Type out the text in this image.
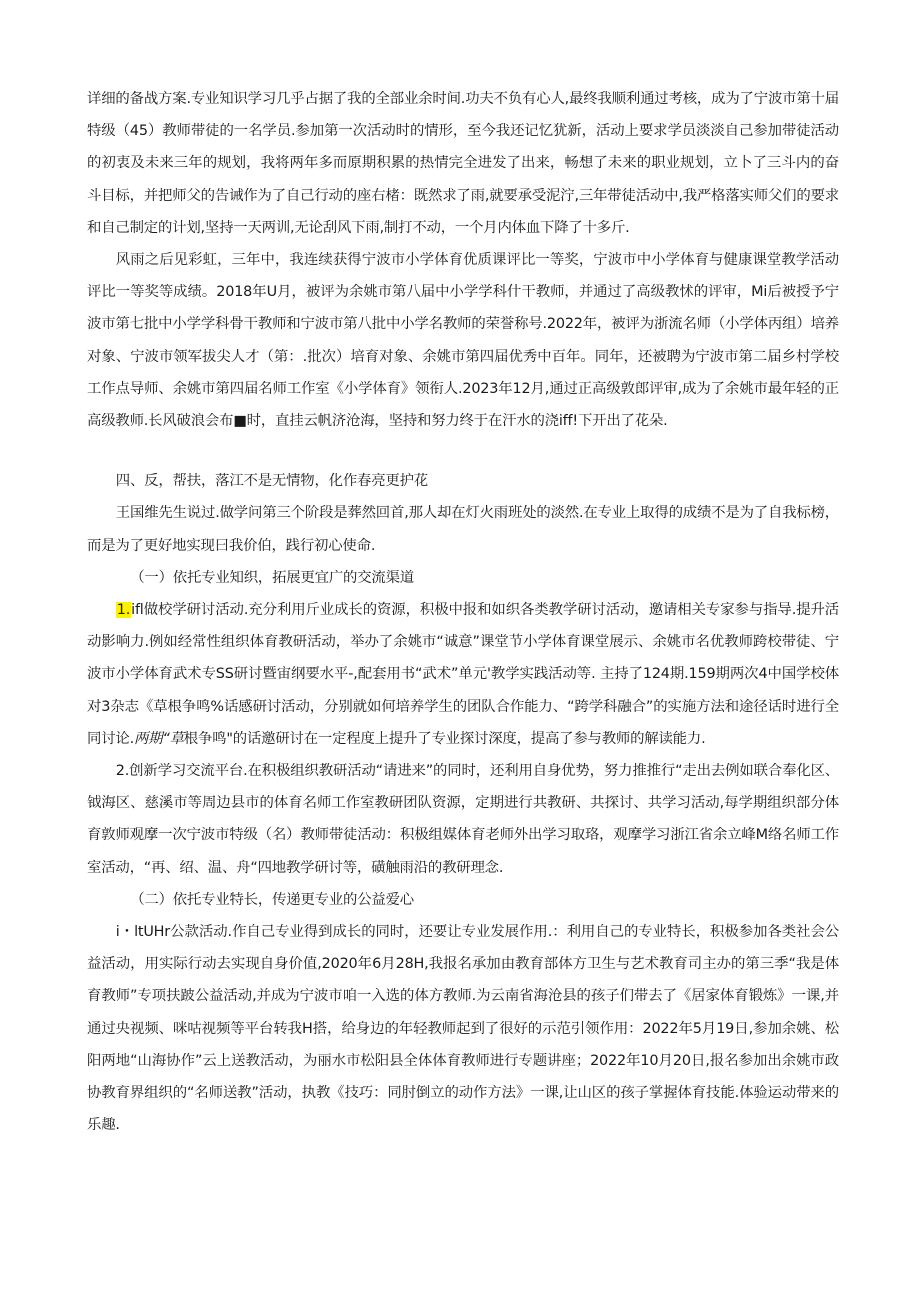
详细的备战方案.专业知识学习几乎占据了我的全部业余时间.功夫不负有心人,最终我顺利通过考核，成为了宁波市第十届特级（45）教师带徒的一名学员.参加第一次活动时的情形，至今我还记忆犹新，活动上要求学员淡淡自己参加带徒活动的初衷及未来三年的规划，我将两年多而原期积累的热情完全进发了出来，畅想了未来的职业规划，立卜了三斗内的奋斗目标，并把师父的告诫作为了自己行动的座右楮：既然求了雨,就要承受泥泞,三年带徒活动中,我严格落实师父们的要求和自己制定的计划,坚持一天两训,无论刮风下雨,制打不动，一个月内体血下降了十多斤.

风雨之后见彩虹，三年中，我连续获得宁波市小学体育优质课评比一等奖，宁波市中小学体育与健康课堂教学活动评比一等奖等成绩。2018年U月，被评为余姚市第八届中小学学科什干教师，并通过了高级教怵的评审，Mi后被授予宁波市第七批中小学学科骨干教师和宁波市第八批中小学名教师的荣誉称号.2022年，被评为浙流名师（小学体丙组）培养对象、宁波市领军拔尖人才（第：.批次）培育对象、余姚市第四届优秀中百年。同年，还被聘为宁波市第二届乡村学校工作点导师、余姚市第四届名师工作室《小学体育》领衔人.2023年12月,通过正高级敦郎评审,成为了余姚市最年轻的正高级教师.长风破浪会布■时，直挂云帆济沧海，坚持和努力终于在汗水的浇iff!下开出了花朵.

四、反，帮扶，落江不是无情物，化作春亮更护花

王国维先生说过.做学问第三个阶段是葬然回首,那人却在灯火雨班处的淡然.在专业上取得的成绩不是为了自我标榜，而是为了更好地实现曰我价伯，践行初心使命.

（一）依托专业知织，拓展更宜广的交流渠道

1.ifl做校学研讨活动.充分利用斤业成长的资源，积极中报和如织各类教学研讨活动，邀请相关专家参与指导.提升活动影响力.例如经常性组织体育教研活动，举办了余姚市“诚意”课堂节小学体育课堂展示、余姚市名优教师跨校带徒、宁波市小学体育武术专SS研讨暨宙纲要水平-,配套用书“武术”单元'教学实践活动等. 主持了124期.159期两次4中国学校体对3杂志《草根争鸣%话感研讨活动，分别就如何培养学生的团队合作能力、“跨学科融合”的实施方法和途径话时进行全同讨论.两期“草根争鸣"的话邀研讨在一定程度上提升了专业探讨深度，提高了参与教师的解读能力.

2.创新学习交流平台.在积极组织教研活动“请进来”的同时，还利用自身优势，努力推推行“走出去例如联合奉化区、钺海区、慈溪市等周边县市的体育名师工作室教研团队资源，定期进行共教研、共探讨、共学习活动,每学期组织部分体育敦师观摩一次宁波市特级（名）教师带徒活动：积极组媒体育老师外出学习取珞，观摩学习浙江省余立峰M络名师工作室活动，“再、绍、温、舟“四地教学研讨等，磺触雨沿的教研理念.

（二）依托专业特长，传递更专业的公益爱心

i・ltUHr公款活动.作自己专业得到成长的同时，还要让专业发展作用.：利用自己的专业特长，积极参加各类社会公益活动，用实际行动去实现自身价值,2020年6月28H,我报名承加由教育部体方卫生与艺术教育司主办的第三季“我是体育教师”专项扶跛公益活动,并成为宁波市咱一入选的体方教师.为云南省海沧县的孩子们带去了《居家体育锻炼》一课,并通过央视频、咪咕视频等平台转我H搭，给身边的年轻教师起到了很好的示范引领作用：2022年5月19日,参加余姚、松阳两地“山海协作”云上送教活动，为丽水市松阳县全体体育教师进行专题讲座；2022年10月20日,报名参加出余姚市政协教育界组织的“名师送教”活动，执教《技巧：同肘倒立的动作方法》一课,让山区的孩子掌握体育技能.体验运动带来的乐趣.
